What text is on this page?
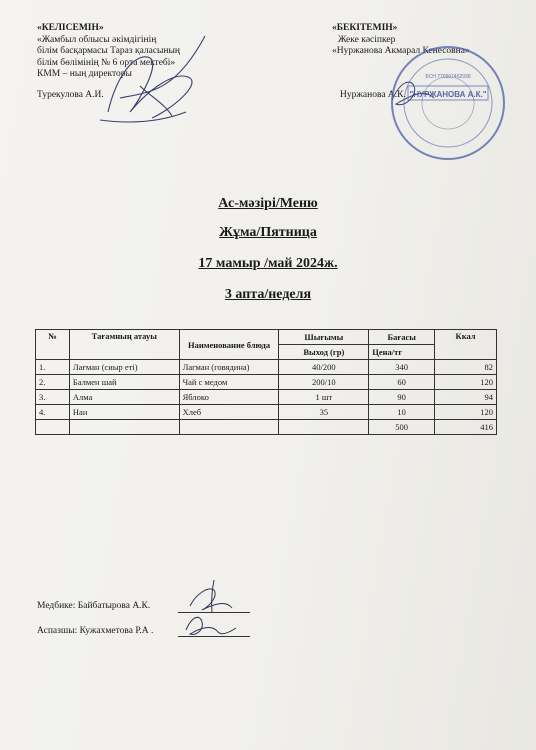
«КЕЛІСЕМІН»
«Жамбыл облысы әкімдігінің
білім басқармасы Тараз қаласының
білім бөлімінің № 6 орта мектебі»
КММ – ның директоры
Турекулова А.И.
«БЕКІТЕМІН»
Жеке кәсіпкер
«Нуржанова Акмарал Кенесовна»
Нуржанова А.К. "НУРЖАНОВА А.К."
БСН 770507402938
Ас-мәзірі/Меню
Жұма/Пятница
17 мамыр /май 2024ж.
3 апта/неделя
№	Тағамның атауы	Наименование блюда	Шығымы	Бағасы	Ккал
			Выход (гр)	Цена/тг	
1.	Лағман (сиыр еті)	Лагман (говядина)	40/200	340	82
2.	Балмен шай	Чай с медом	200/10	60	120
3.	Алма	Яблоко	1 шт	90	94
4.	Нан	Хлеб	35	10	120
				500	416
Медбике: Байбатырова А.К.
Аспазшы: Кужахметова Р.А .
